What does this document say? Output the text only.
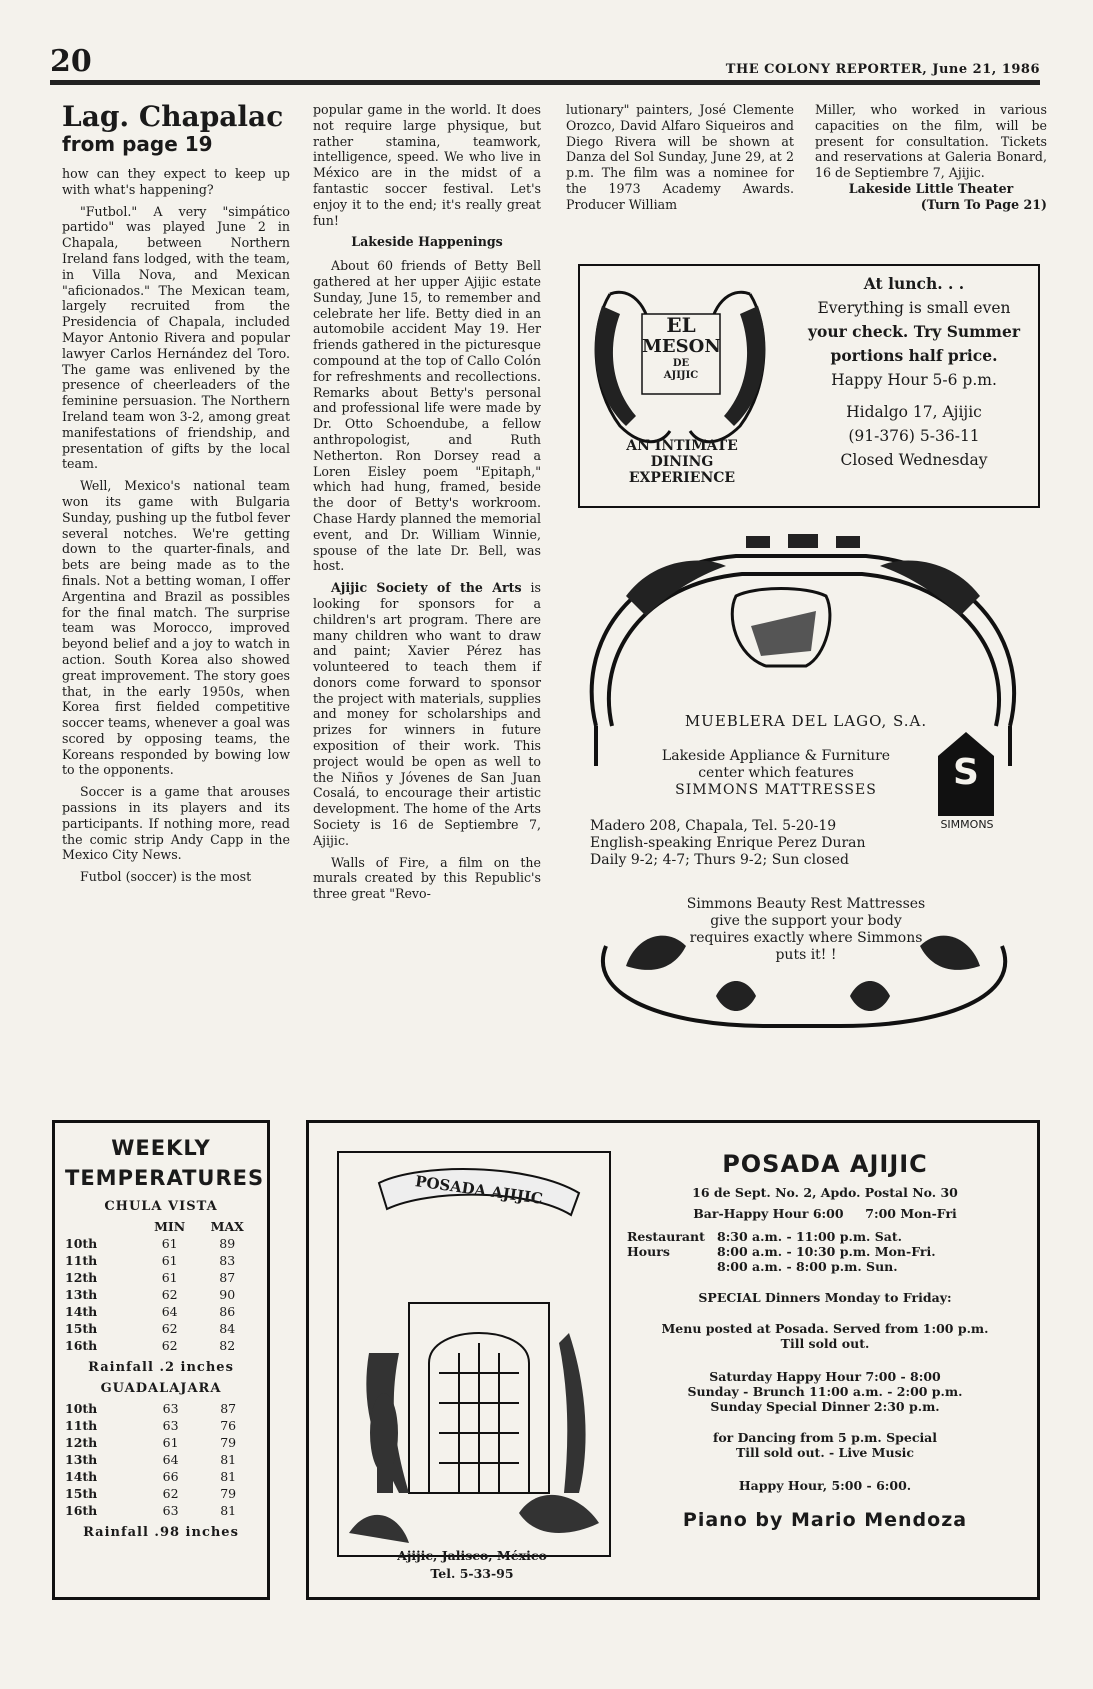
20	THE COLONY REPORTER, June 21, 1986
Lag. Chapalac
from page 19

how can they expect to keep up with what's happening?

"Futbol." A very "simpático partido" was played June 2 in Chapala, between Northern Ireland fans lodged, with the team, in Villa Nova, and Mexican "aficionados." The Mexican team, largely recruited from the Presidencia of Chapala, included Mayor Antonio Rivera and popular lawyer Carlos Hernández del Toro. The game was enlivened by the presence of cheerleaders of the feminine persuasion. The Northern Ireland team won 3-2, among great manifestations of friendship, and presentation of gifts by the local team.

Well, Mexico's national team won its game with Bulgaria Sunday, pushing up the futbol fever several notches. We're getting down to the quarter-finals, and bets are being made as to the finals. Not a betting woman, I offer Argentina and Brazil as possibles for the final match. The surprise team was Morocco, improved beyond belief and a joy to watch in action. South Korea also showed great improvement. The story goes that, in the early 1950s, when Korea first fielded competitive soccer teams, whenever a goal was scored by opposing teams, the Koreans responded by bowing low to the opponents.

Soccer is a game that arouses passions in its players and its participants. If nothing more, read the comic strip Andy Capp in the Mexico City News.

Futbol (soccer) is the most

popular game in the world. It does not require large physique, but rather stamina, teamwork, intelligence, speed. We who live in México are in the midst of a fantastic soccer festival. Let's enjoy it to the end; it's really great fun!

Lakeside Happenings

About 60 friends of Betty Bell gathered at her upper Ajijic estate Sunday, June 15, to remember and celebrate her life. Betty died in an automobile accident May 19. Her friends gathered in the picturesque compound at the top of Callo Colón for refreshments and recollections. Remarks about Betty's personal and professional life were made by Dr. Otto Schoendube, a fellow anthropologist, and Ruth Netherton. Ron Dorsey read a Loren Eisley poem "Epitaph," which had hung, framed, beside the door of Betty's workroom. Chase Hardy planned the memorial event, and Dr. William Winnie, spouse of the late Dr. Bell, was host.

Ajijic Society of the Arts is looking for sponsors for a children's art program. There are many children who want to draw and paint; Xavier Pérez has volunteered to teach them if donors come forward to sponsor the project with materials, supplies and money for scholarships and prizes for winners in future exposition of their work. This project would be open as well to the Niños y Jóvenes de San Juan Cosalá, to encourage their artistic development. The home of the Arts Society is 16 de Septiembre 7, Ajijic.

Walls of Fire, a film on the murals created by this Republic's three great "Revo-

lutionary" painters, José Clemente Orozco, David Alfaro Siqueiros and Diego Rivera will be shown at Danza del Sol Sunday, June 29, at 2 p.m. The film was a nominee for the 1973 Academy Awards. Producer William

Miller, who worked in various capacities on the film, will be present for consultation. Tickets and reservations at Galeria Bonard, 16 de Septiembre 7, Ajijic.

Lakeside Little Theater
(Turn To Page 21)
EL
MESON
DE
AJIJIC
AN INTIMATE
DINING
EXPERIENCE
At lunch. . .
Everything is small even
your check. Try Summer
portions half price.
Happy Hour 5-6 p.m.
Hidalgo 17, Ajijic
(91-376) 5-36-11
Closed Wednesday
MUEBLERA DEL LAGO, S.A.
Lakeside Appliance & Furniture
center which features
SIMMONS MATTRESSES
Madero 208, Chapala, Tel. 5-20-19
English-speaking Enrique Perez Duran
Daily 9-2; 4-7; Thurs 9-2; Sun closed
S
SIMMONS
Simmons Beauty Rest Mattresses
give the support your body
requires exactly where Simmons
puts it! !
WEEKLY
TEMPERATURES
CHULA VISTA
	MIN	MAX
10th	61	89
11th	61	83
12th	61	87
13th	62	90
14th	64	86
15th	62	84
16th	62	82
Rainfall .2 inches
GUADALAJARA
10th	63	87
11th	63	76
12th	61	79
13th	64	81
14th	66	81
15th	62	79
16th	63	81
Rainfall .98 inches
POSADA AJIJIC
Ajijic, Jalisco, México
Tel. 5-33-95
POSADA AJIJIC
16 de Sept. No. 2, Apdo. Postal No. 30
Bar-Happy Hour 6:00     7:00 Mon-Fri
Restaurant Hours
8:30 a.m. - 11:00 p.m. Sat.
8:00 a.m. - 10:30 p.m. Mon-Fri.
8:00 a.m. - 8:00 p.m. Sun.
SPECIAL Dinners Monday to Friday:
Menu posted at Posada. Served from 1:00 p.m.
Till sold out.
Saturday Happy Hour 7:00 - 8:00
Sunday - Brunch 11:00 a.m. - 2:00 p.m.
Sunday Special Dinner 2:30 p.m.
for Dancing from 5 p.m. Special
Till sold out. - Live Music
Happy Hour, 5:00 - 6:00.
Piano by Mario Mendoza
